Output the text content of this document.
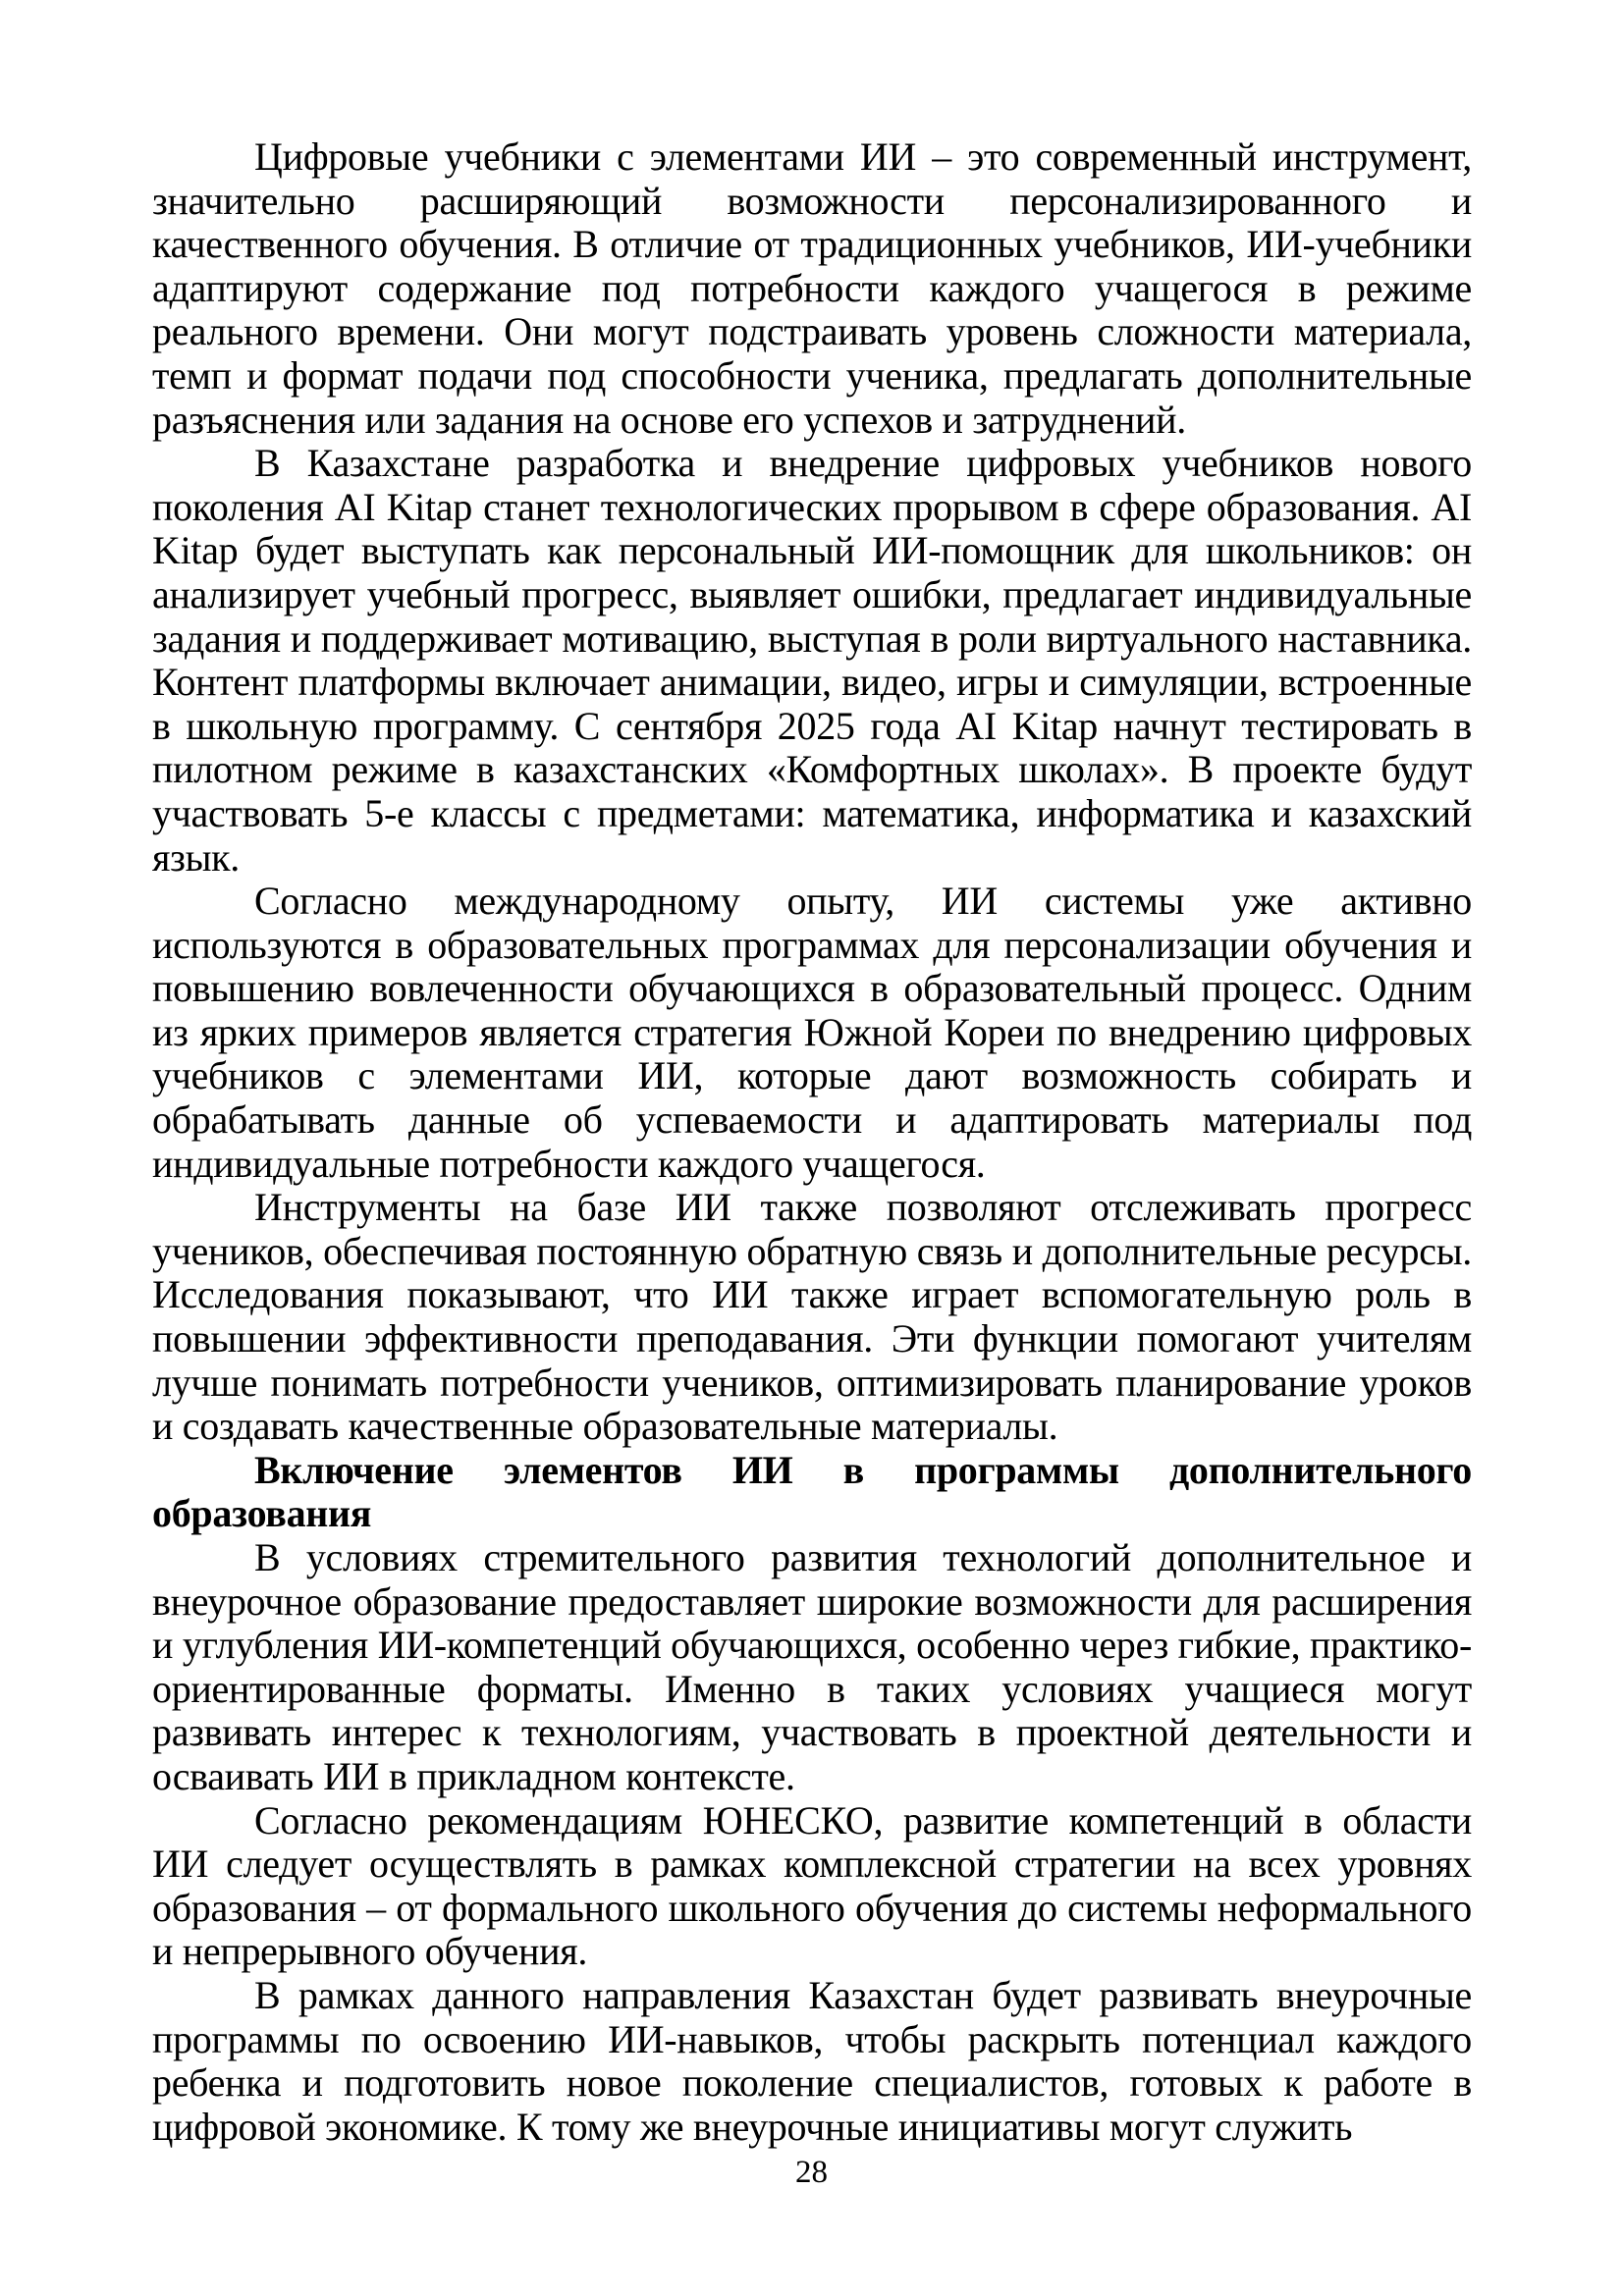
Цифровые учебники с элементами ИИ – это современный инструмент, значительно расширяющий возможности персонализированного и качественного обучения. В отличие от традиционных учебников, ИИ-учебники адаптируют содержание под потребности каждого учащегося в режиме реального времени. Они могут подстраивать уровень сложности материала, темп и формат подачи под способности ученика, предлагать дополнительные разъяснения или задания на основе его успехов и затруднений.

В Казахстане разработка и внедрение цифровых учебников нового поколения AI Kitap станет технологических прорывом в сфере образования. AI Kitap будет выступать как персональный ИИ-помощник для школьников: он анализирует учебный прогресс, выявляет ошибки, предлагает индивидуальные задания и поддерживает мотивацию, выступая в роли виртуального наставника. Контент платформы включает анимации, видео, игры и симуляции, встроенные в школьную программу. С сентября 2025 года AI Kitap начнут тестировать в пилотном режиме в казахстанских «Комфортных школах». В проекте будут участвовать 5-е классы с предметами: математика, информатика и казахский язык.

Согласно международному опыту, ИИ системы уже активно используются в образовательных программах для персонализации обучения и повышению вовлеченности обучающихся в образовательный процесс. Одним из ярких примеров является стратегия Южной Кореи по внедрению цифровых учебников с элементами ИИ, которые дают возможность собирать и обрабатывать данные об успеваемости и адаптировать материалы под индивидуальные потребности каждого учащегося.

Инструменты на базе ИИ также позволяют отслеживать прогресс учеников, обеспечивая постоянную обратную связь и дополнительные ресурсы. Исследования показывают, что ИИ также играет вспомогательную роль в повышении эффективности преподавания. Эти функции помогают учителям лучше понимать потребности учеников, оптимизировать планирование уроков и создавать качественные образовательные материалы.

Включение элементов ИИ в программы дополнительного образования

В условиях стремительного развития технологий дополнительное и внеурочное образование предоставляет широкие возможности для расширения и углубления ИИ-компетенций обучающихся, особенно через гибкие, практико-ориентированные форматы. Именно в таких условиях учащиеся могут развивать интерес к технологиям, участвовать в проектной деятельности и осваивать ИИ в прикладном контексте.

Согласно рекомендациям ЮНЕСКО, развитие компетенций в области ИИ следует осуществлять в рамках комплексной стратегии на всех уровнях образования – от формального школьного обучения до системы неформального и непрерывного обучения.

В рамках данного направления Казахстан будет развивать внеурочные программы по освоению ИИ-навыков, чтобы раскрыть потенциал каждого ребенка и подготовить новое поколение специалистов, готовых к работе в цифровой экономике. К тому же внеурочные инициативы могут служить

28
